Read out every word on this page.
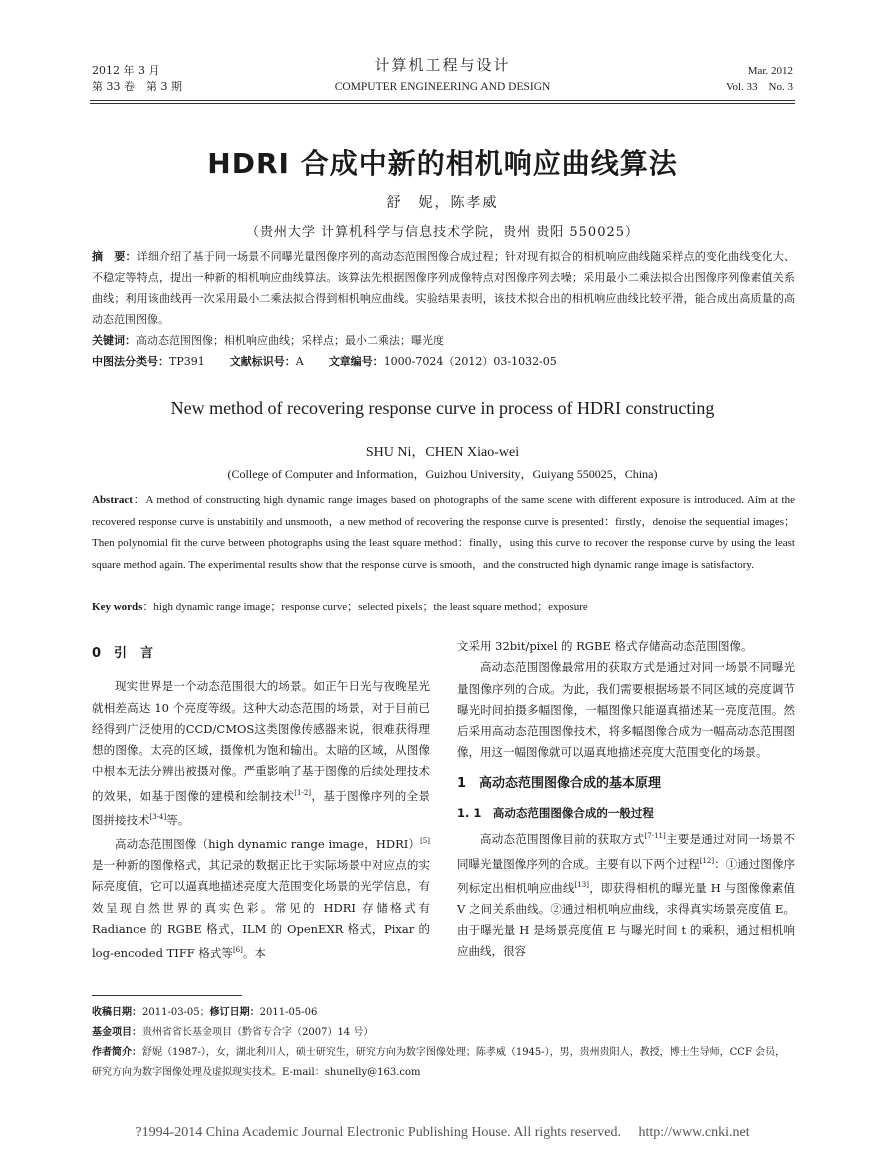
2012 年 3 月
第 33 卷　第 3 期
计算机工程与设计
COMPUTER ENGINEERING AND DESIGN
Mar. 2012
Vol. 33　No. 3
HDRI 合成中新的相机响应曲线算法
舒　妮，陈孝威
（贵州大学 计算机科学与信息技术学院，贵州 贵阳 550025）
摘　要：详细介绍了基于同一场景不同曝光量图像序列的高动态范围图像合成过程；针对现有拟合的相机响应曲线随采样点的变化曲线变化大、不稳定等特点，提出一种新的相机响应曲线算法。该算法先根据图像序列成像特点对图像序列去噪；采用最小二乘法拟合出图像序列像素值关系曲线；利用该曲线再一次采用最小二乘法拟合得到相机响应曲线。实验结果表明，该技术拟合出的相机响应曲线比较平滑，能合成出高质量的高动态范围图像。
关键词：高动态范围图像；相机响应曲线；采样点；最小二乘法；曝光度
中图法分类号：TP391 文献标识号：A 文章编号：1000-7024（2012）03-1032-05
New method of recovering response curve in process of HDRI constructing
SHU Ni，CHEN Xiao-wei
(College of Computer and Information，Guizhou University，Guiyang 550025，China)
Abstract：A method of constructing high dynamic range images based on photographs of the same scene with different exposure is introduced. Aim at the recovered response curve is unstabitily and unsmooth，a new method of recovering the response curve is presented：firstly，denoise the sequential images；Then polynomial fit the curve between photographs using the least square method：finally，using this curve to recover the response curve by using the least square method again. The experimental results show that the response curve is smooth，and the constructed high dynamic range image is satisfactory.
Key words：high dynamic range image；response curve；selected pixels；the least square method；exposure
0　引　言

现实世界是一个动态范围很大的场景。如正午日光与夜晚星光就相差高达 10 个亮度等级。这种大动态范围的场景，对于目前已经得到广泛使用的CCD/CMOS这类图像传感器来说，很难获得理想的图像。太亮的区域，摄像机为饱和输出。太暗的区域，从图像中根本无法分辨出被摄对像。严重影响了基于图像的后续处理技术的效果，如基于图像的建模和绘制技术[1-2]，基于图像序列的全景图拼接技术[3-4]等。

高动态范围图像（high dynamic range image，HDRI）[5]是一种新的图像格式，其记录的数据正比于实际场景中对应点的实际亮度值，它可以逼真地描述亮度大范围变化场景的光学信息，有效呈现自然世界的真实色彩。常见的 HDRI 存储格式有 Radiance 的 RGBE 格式，ILM 的 OpenEXR 格式，Pixar 的 log-encoded TIFF 格式等[6]。本

文采用 32bit/pixel 的 RGBE 格式存储高动态范围图像。

高动态范围图像最常用的获取方式是通过对同一场景不同曝光量图像序列的合成。为此，我们需要根据场景不同区域的亮度调节曝光时间拍摄多幅图像，一幅图像只能逼真描述某一亮度范围。然后采用高动态范围图像技术，将多幅图像合成为一幅高动态范围图像，用这一幅图像就可以逼真地描述亮度大范围变化的场景。

1　高动态范围图像合成的基本原理
1. 1　高动态范围图像合成的一般过程

高动态范围图像目前的获取方式[7-11]主要是通过对同一场景不同曝光量图像序列的合成。主要有以下两个过程[12]：①通过图像序列标定出相机响应曲线[13]，即获得相机的曝光量 H 与图像像素值 V 之间关系曲线。②通过相机响应曲线，求得真实场景亮度值 E。由于曝光量 H 是场景亮度值 E 与曝光时间 t 的乘积，通过相机响应曲线，很容

收稿日期：2011-03-05；修订日期：2011-05-06
基金项目：贵州省省长基金项目（黔省专合字（2007）14 号）
作者简介：舒妮（1987-），女，湖北利川人，硕士研究生，研究方向为数字图像处理；陈孝威（1945-），男，贵州贵阳人，教授，博士生导师，CCF 会员，研究方向为数字图像处理及虚拟现实技术。E-mail：shunelly@163.com
?1994-2014 China Academic Journal Electronic Publishing House. All rights reserved.　 http://www.cnki.net
